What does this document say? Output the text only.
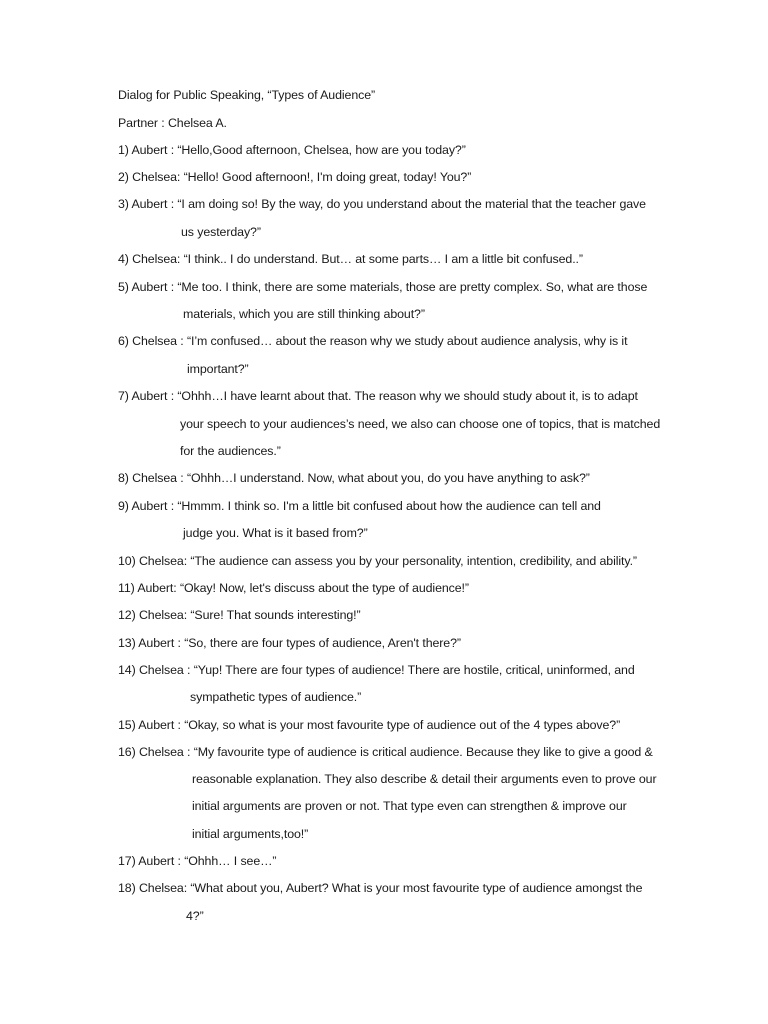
Dialog for Public Speaking, “Types of Audience”
Partner : Chelsea A.
1) Aubert : “Hello,Good afternoon, Chelsea, how are you today?”
2) Chelsea: “Hello! Good afternoon!, I'm doing great, today! You?”
3) Aubert : “I am doing so! By the way, do you understand about the material that the teacher gave
us yesterday?”
4) Chelsea: “I think.. I do understand. But… at some parts… I am a little bit confused..”
5) Aubert : “Me too. I think, there are some materials, those are pretty complex. So, what are those
materials, which you are still thinking about?”
6) Chelsea : “I’m confused… about the reason why we study about audience analysis, why is it
important?”
7) Aubert : “Ohhh…I have learnt about that. The reason why we should study about it, is to adapt
your speech to your audiences’s need, we also can choose one of topics, that is matched
for the audiences.”
8) Chelsea : “Ohhh…I understand. Now, what about you, do you have anything to ask?”
9) Aubert : “Hmmm. I think so. I'm a little bit confused about how the audience can tell and
judge you. What is it based from?”
10) Chelsea: “The audience can assess you by your personality, intention, credibility, and ability.”
11) Aubert: “Okay! Now, let's discuss about the type of audience!”
12) Chelsea: “Sure! That sounds interesting!”
13) Aubert : “So, there are four types of audience, Aren't there?”
14) Chelsea : “Yup! There are four types of audience! There are hostile, critical, uninformed, and
sympathetic types of audience.”
15) Aubert : “Okay, so what is your most favourite type of audience out of the 4 types above?”
16) Chelsea : “My favourite type of audience is critical audience. Because they like to give a good &
reasonable explanation. They also describe & detail their arguments even to prove our
initial arguments are proven or not. That type even can strengthen & improve our
initial arguments,too!”
17) Aubert : “Ohhh… I see…”
18) Chelsea: “What about you, Aubert? What is your most favourite type of audience amongst the
4?”
